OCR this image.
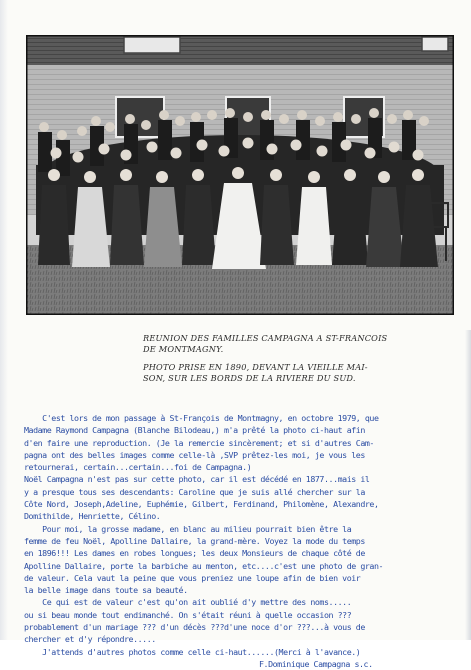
REUNION DES FAMILLES CAMPAGNA A ST-FRANCOIS
DE MONTMAGNY.
PHOTO PRISE EN 1890, DEVANT LA VIEILLE MAI-
SON, SUR LES BORDS DE LA RIVIERE DU SUD.
C'est lors de mon passage à St-François de Montmagny, en octobre 1979, que
Madame Raymond Campagna (Blanche Bilodeau,) m'a prêté la photo ci-haut afin
d'en faire une reproduction. (Je la remercie sincèrement; et si d'autres Cam-
pagna ont des belles images comme celle-là ,SVP prêtez-les moi, je vous les
retournerai, certain...certain...foi de Campagna.)
Noël Campagna n'est pas sur cette photo, car il est décédé en 1877...mais il
y a presque tous ses descendants: Caroline que je suis allé chercher sur la
Côte Nord, Joseph,Adeline, Euphémie, Gilbert, Ferdinand, Philomène, Alexandre,
Domithilde, Henriette, Célino.
Pour moi, la grosse madame, en blanc au milieu pourrait bien être la
femme de feu Noël, Apolline Dallaire, la grand-mère. Voyez la mode du temps
en 1896!!! Les dames en robes longues; les deux Monsieurs de chaque côté de
Apolline Dallaire, porte la barbiche au menton, etc....c'est une photo de gran-
de valeur. Cela vaut la peine que vous preniez une loupe afin de bien voir
la belle image dans toute sa beauté.
Ce qui est de valeur c'est qu'on ait oublié d'y mettre des noms.....
ou si beau monde tout endimanché. On s'était réuni à quelle occasion ???
probablement d'un mariage ??? d'un décès ???d'une noce d'or ???...à vous de
chercher et d'y répondre.....
J'attends d'autres photos comme celle ci-haut......(Merci à l'avance.)
F.Dominique Campagna s.c.
